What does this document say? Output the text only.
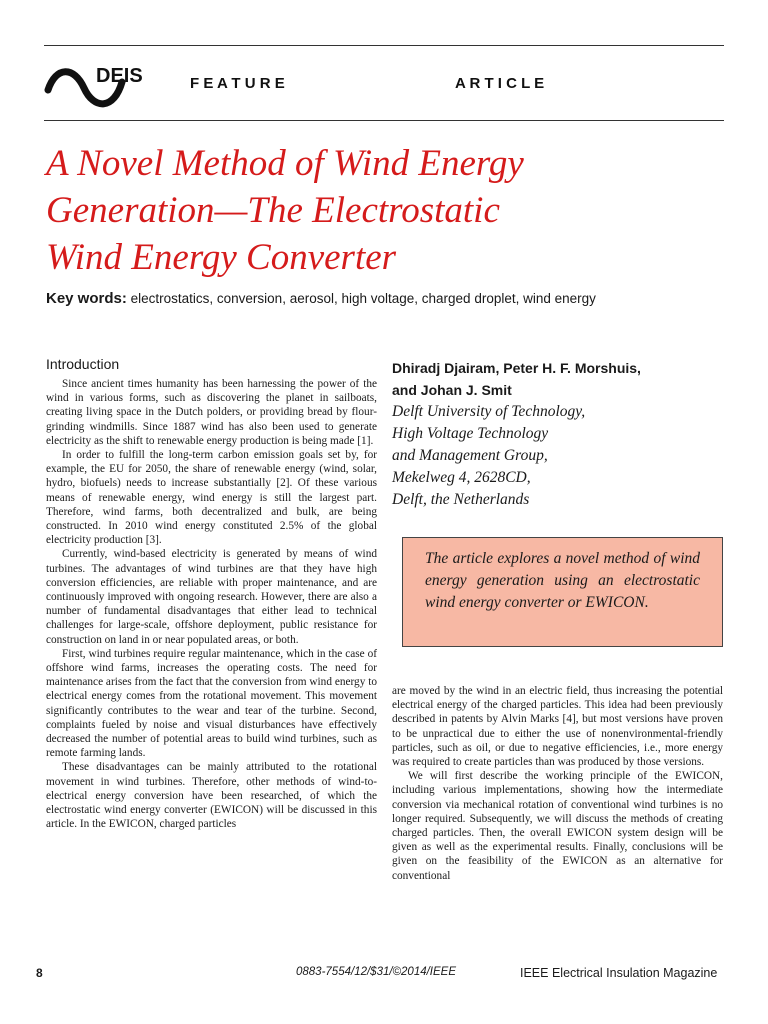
DEIS	F E A T U R E	A R T I C L E
A Novel Method of Wind Energy
Generation—The Electrostatic
Wind Energy Converter
Key words: electrostatics, conversion, aerosol, high voltage, charged droplet, wind energy
Introduction

Since ancient times humanity has been harnessing the power of the wind in various forms, such as discovering the planet in sailboats, creating living space in the Dutch polders, or providing bread by flour-grinding windmills. Since 1887 wind has also been used to generate electricity as the shift to renewable energy production is being made [1].

In order to fulfill the long-term carbon emission goals set by, for example, the EU for 2050, the share of renewable energy (wind, solar, hydro, biofuels) needs to increase substantially [2]. Of these various means of renewable energy, wind energy is still the largest part. Therefore, wind farms, both decentralized and bulk, are being constructed. In 2010 wind energy constituted 2.5% of the global electricity production [3].

Currently, wind-based electricity is generated by means of wind turbines. The advantages of wind turbines are that they have high conversion efficiencies, are reliable with proper maintenance, and are continuously improved with ongoing research. However, there are also a number of fundamental disadvantages that either lead to technical challenges for large-scale, offshore deployment, public resistance for construction on land in or near populated areas, or both.

First, wind turbines require regular maintenance, which in the case of offshore wind farms, increases the operating costs. The need for maintenance arises from the fact that the conversion from wind energy to electrical energy comes from the rotational movement. This movement significantly contributes to the wear and tear of the turbine. Second, complaints fueled by noise and visual disturbances have effectively decreased the number of potential areas to build wind turbines, such as remote farming lands.

These disadvantages can be mainly attributed to the rotational movement in wind turbines. Therefore, other methods of wind-to-electrical energy conversion have been researched, of which the electrostatic wind energy converter (EWICON) will be discussed in this article. In the EWICON, charged particles

Dhiradj Djairam, Peter H. F. Morshuis,
and Johan J. Smit
Delft University of Technology,
High Voltage Technology
and Management Group,
Mekelweg 4, 2628CD,
Delft, the Netherlands

The article explores a novel method of wind energy generation using an electrostatic wind energy converter or EWICON.

are moved by the wind in an electric field, thus increasing the potential electrical energy of the charged particles. This idea had been previously described in patents by Alvin Marks [4], but most versions have proven to be unpractical due to either the use of nonenvironmental-friendly particles, such as oil, or due to negative efficiencies, i.e., more energy was required to create particles than was produced by those versions.

We will first describe the working principle of the EWICON, including various implementations, showing how the intermediate conversion via mechanical rotation of conventional wind turbines is no longer required. Subsequently, we will discuss the methods of creating charged particles. Then, the overall EWICON system design will be given as well as the experimental results. Finally, conclusions will be given on the feasibility of the EWICON as an alternative for conventional

8	0883-7554/12/$31/©2014/IEEE	IEEE Electrical Insulation Magazine
